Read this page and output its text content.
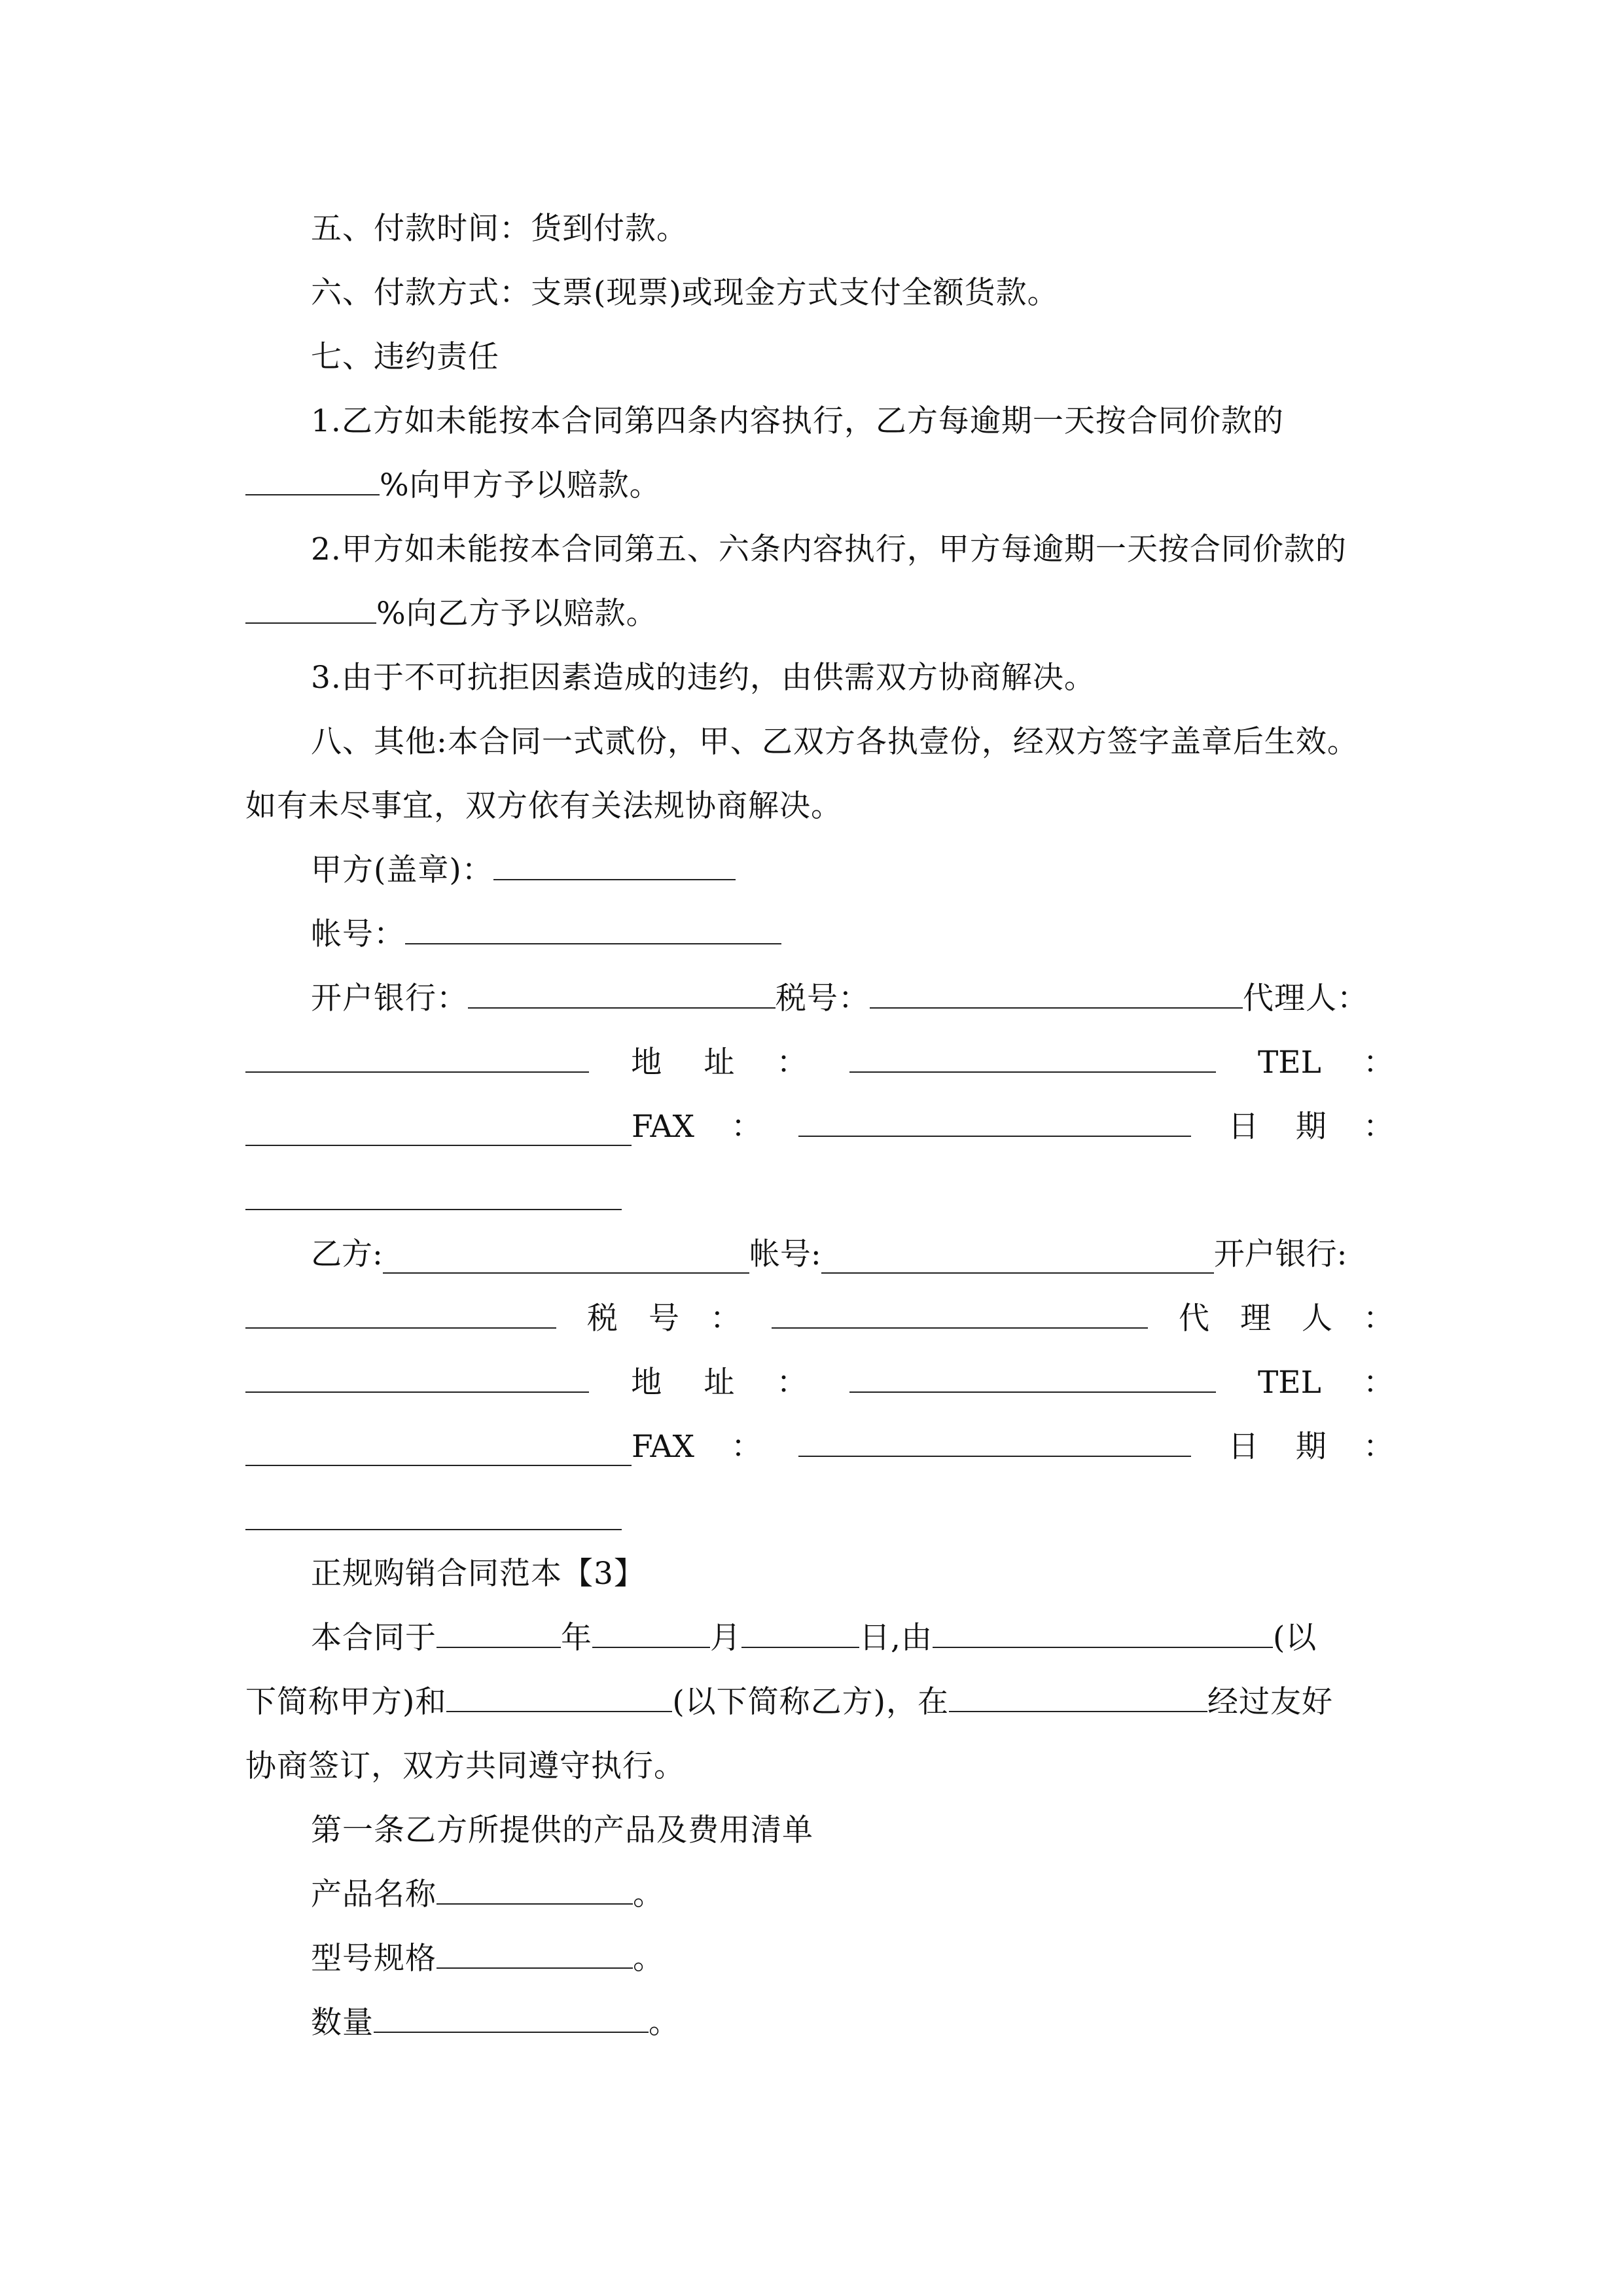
五、付款时间：货到付款。
六、付款方式：支票(现票)或现金方式支付全额货款。
七、违约责任
1.乙方如未能按本合同第四条内容执行，乙方每逾期一天按合同价款的
%向甲方予以赔款。
2.甲方如未能按本合同第五、六条内容执行，甲方每逾期一天按合同价款的
%向乙方予以赔款。
3.由于不可抗拒因素造成的违约，由供需双方协商解决。
八、其他:本合同一式贰份，甲、乙双方各执壹份，经双方签字盖章后生效。
如有未尽事宜，双方依有关法规协商解决。
甲方(盖章)：
帐号：
开户银行：	税号：	代理人：
地 址 ：	TEL ：
FAX ：	日 期 ：
乙方:	帐号:	开户银行:
税 号 ：	代 理 人 ：
地 址 ：	TEL ：
FAX ：	日 期 ：
正规购销合同范本【3】
本合同于	年	月	日,由	(以
下简称甲方)和	(以下简称乙方)，在	经过友好
协商签订，双方共同遵守执行。
第一条乙方所提供的产品及费用清单
产品名称	。
型号规格	。
数量	。
